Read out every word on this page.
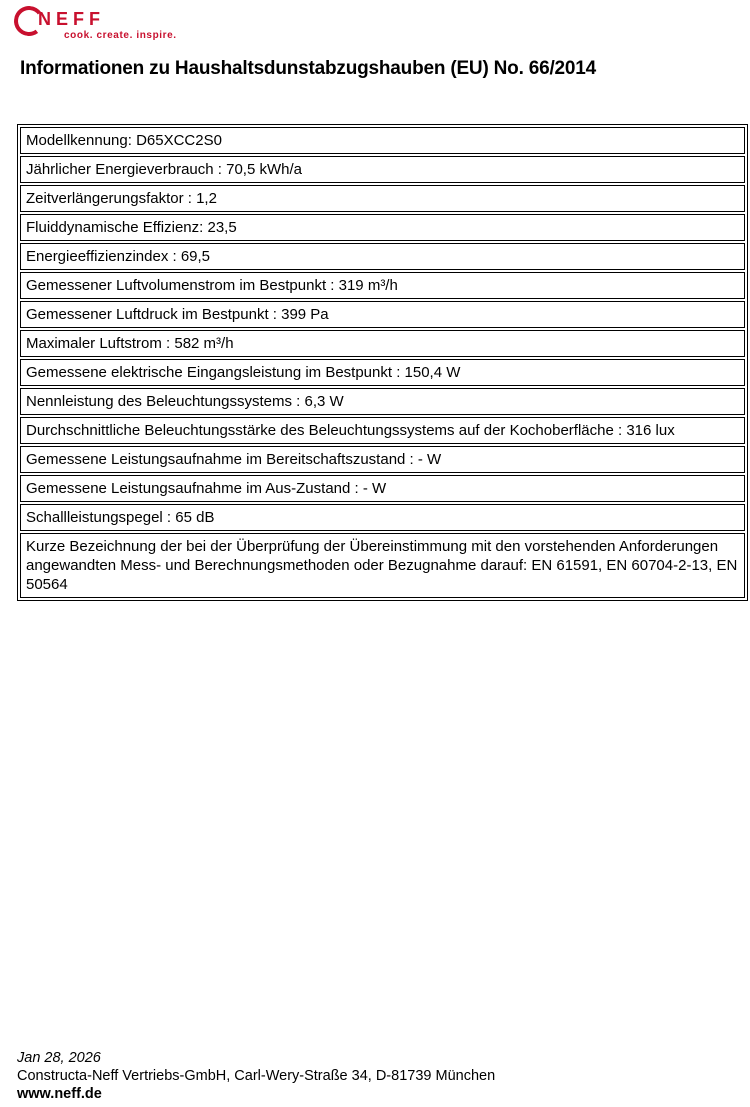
NEFF
cook. create. inspire.
Informationen zu Haushaltsdunstabzugshauben (EU) No. 66/2014
Modellkennung: D65XCC2S0
Jährlicher Energieverbrauch : 70,5 kWh/a
Zeitverlängerungsfaktor : 1,2
Fluiddynamische Effizienz: 23,5
Energieeffizienzindex : 69,5
Gemessener Luftvolumenstrom im Bestpunkt : 319 m³/h
Gemessener Luftdruck im Bestpunkt : 399 Pa
Maximaler Luftstrom : 582 m³/h
Gemessene elektrische Eingangsleistung im Bestpunkt : 150,4 W
Nennleistung des Beleuchtungssystems : 6,3 W
Durchschnittliche Beleuchtungsstärke des Beleuchtungssystems auf der Kochoberfläche : 316 lux
Gemessene Leistungsaufnahme im Bereitschaftszustand : - W
Gemessene Leistungsaufnahme im Aus-Zustand : - W
Schallleistungspegel : 65 dB
Kurze Bezeichnung der bei der Überprüfung der Übereinstimmung mit den vorstehenden Anforderungen angewandten Mess- und Berechnungsmethoden oder Bezugnahme darauf: EN 61591, EN 60704-2-13, EN 50564
Jan 28, 2026
Constructa-Neff Vertriebs-GmbH, Carl-Wery-Straße 34, D-81739 München
www.neff.de
